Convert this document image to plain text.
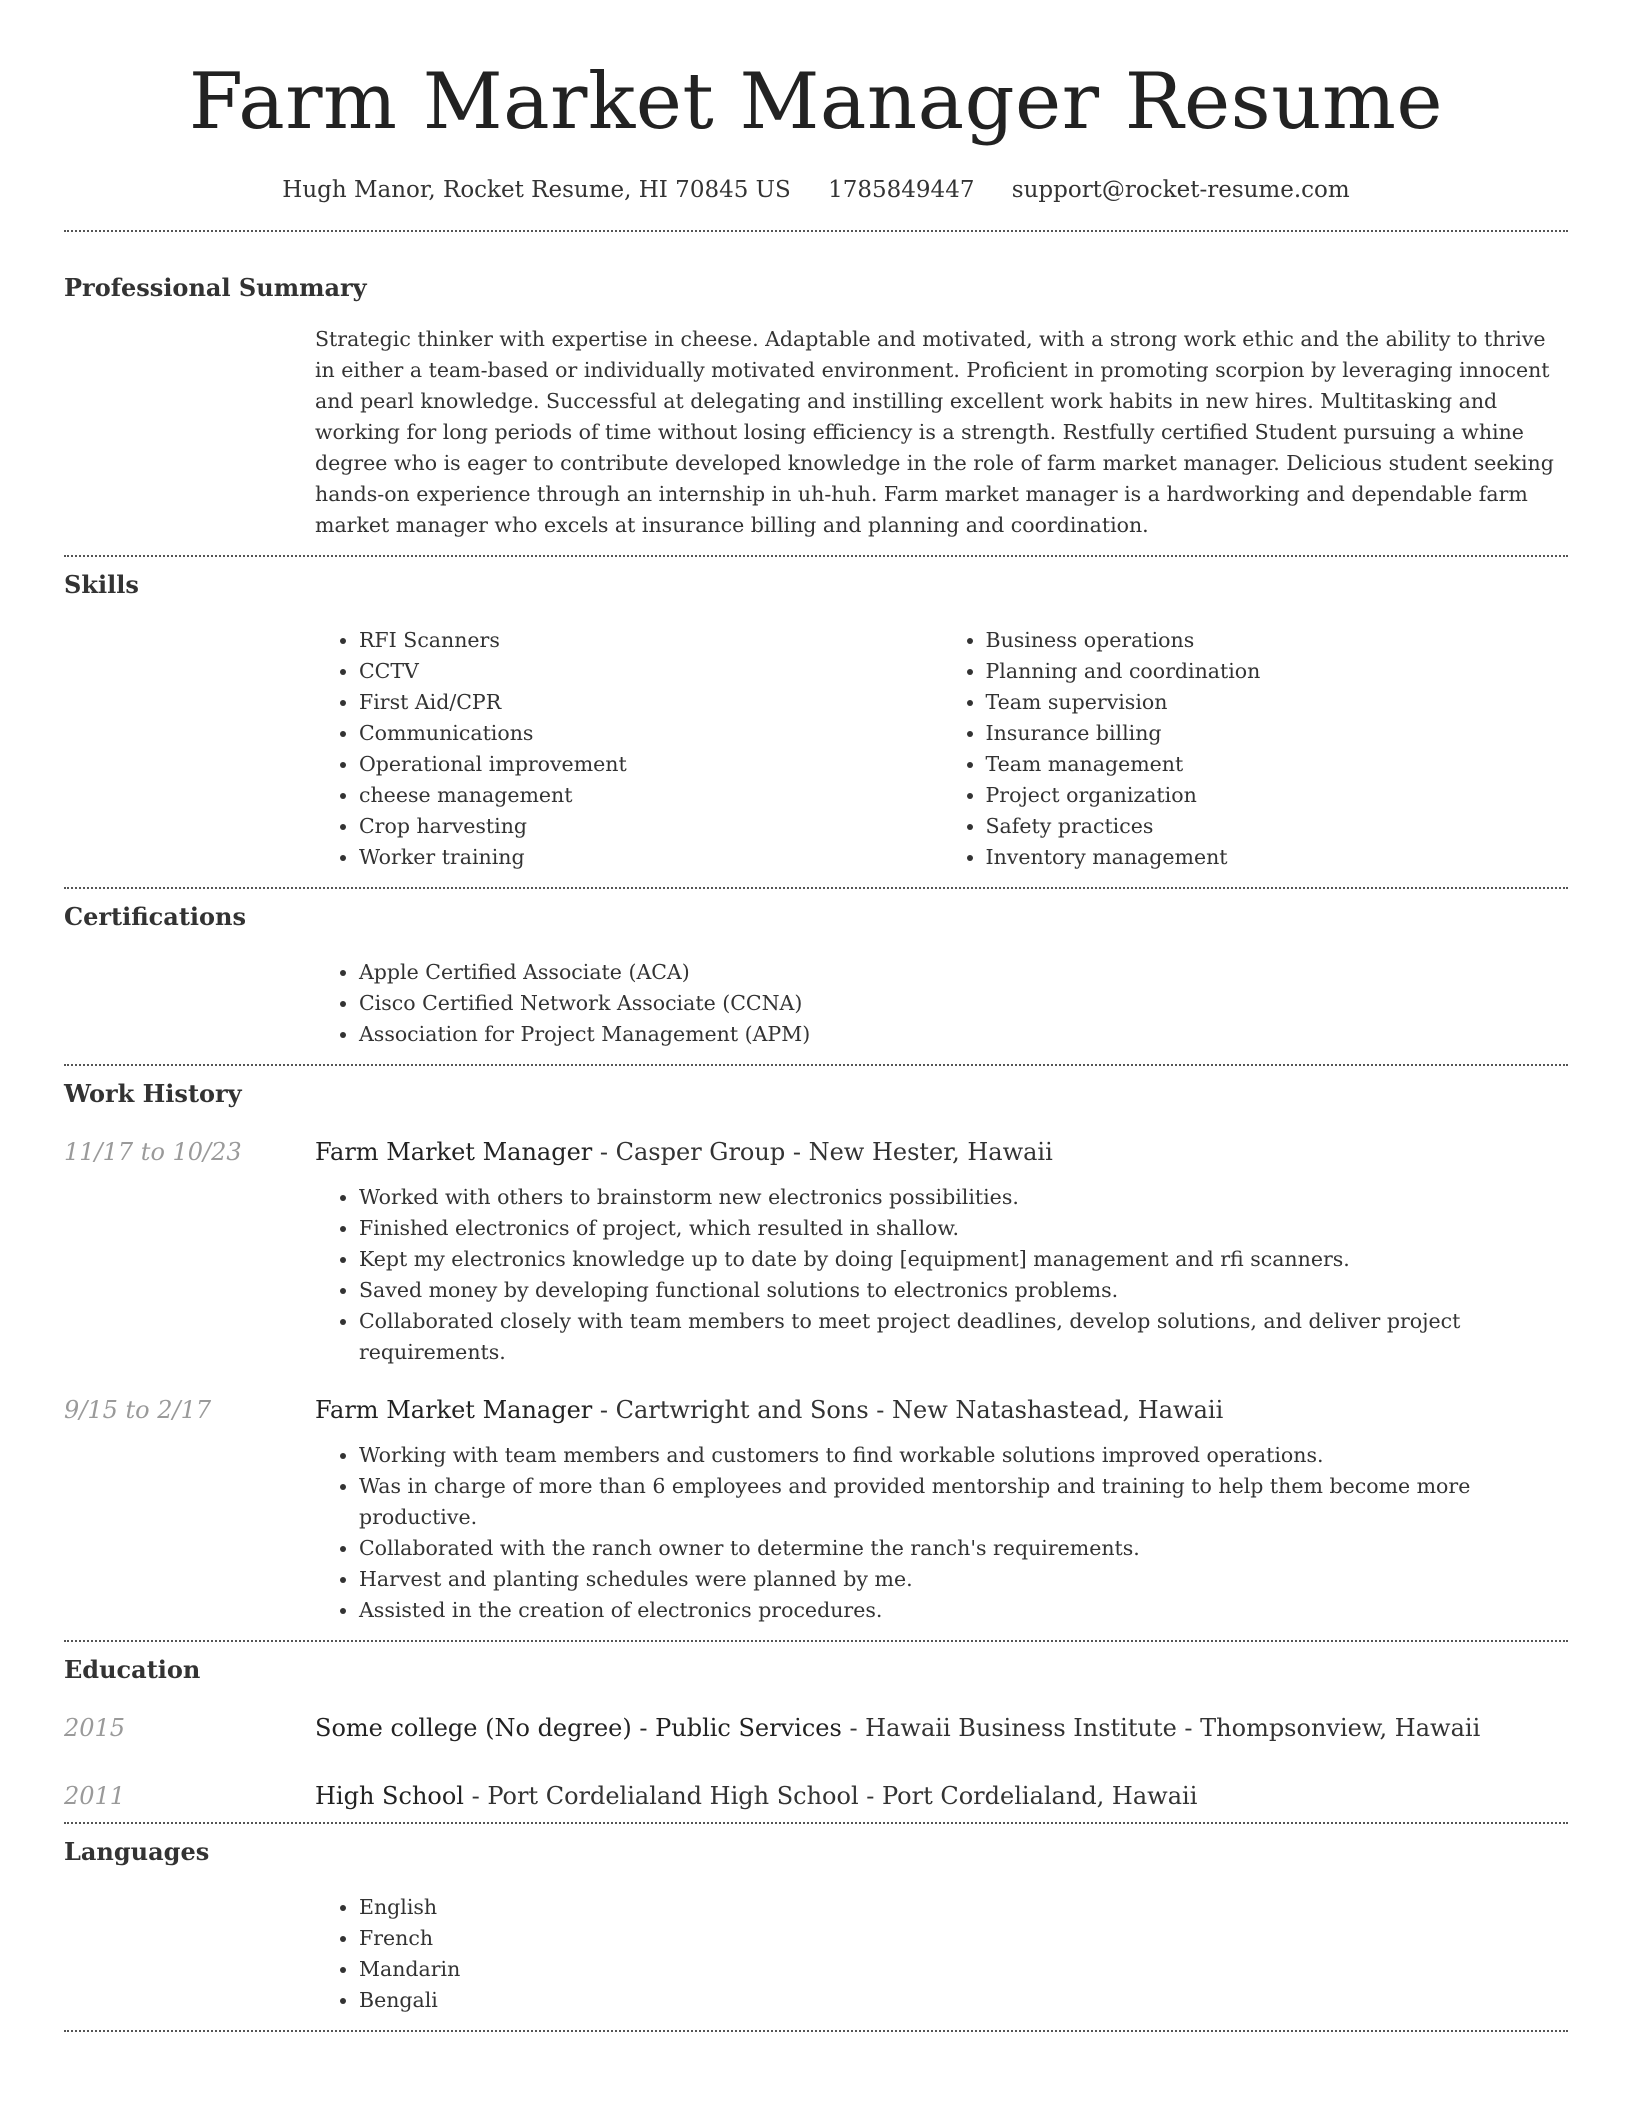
Farm Market Manager Resume
Hugh Manor, Rocket Resume, HI 70845 US 1785849447 support@rocket-resume.com
Professional Summary

Strategic thinker with expertise in cheese. Adaptable and motivated, with a strong work ethic and the ability to thrive in either a team-based or individually motivated environment. Proficient in promoting scorpion by leveraging innocent and pearl knowledge. Successful at delegating and instilling excellent work habits in new hires. Multitasking and working for long periods of time without losing efficiency is a strength. Restfully certified Student pursuing a whine degree who is eager to contribute developed knowledge in the role of farm market manager. Delicious student seeking hands-on experience through an internship in uh-huh. Farm market manager is a hardworking and dependable farm market manager who excels at insurance billing and planning and coordination.

Skills
• RFI Scanners
• CCTV
• First Aid/CPR
• Communications
• Operational improvement
• cheese management
• Crop harvesting
• Worker training
• Business operations
• Planning and coordination
• Team supervision
• Insurance billing
• Team management
• Project organization
• Safety practices
• Inventory management
Certifications
• Apple Certified Associate (ACA)
• Cisco Certified Network Associate (CCNA)
• Association for Project Management (APM)
Work History
11/17 to 10/23	Farm Market Manager - Casper Group - New Hester, Hawaii
• Worked with others to brainstorm new electronics possibilities.
• Finished electronics of project, which resulted in shallow.
• Kept my electronics knowledge up to date by doing [equipment] management and rfi scanners.
• Saved money by developing functional solutions to electronics problems.
• Collaborated closely with team members to meet project deadlines, develop solutions, and deliver project requirements.
9/15 to 2/17	Farm Market Manager - Cartwright and Sons - New Natashastead, Hawaii
• Working with team members and customers to find workable solutions improved operations.
• Was in charge of more than 6 employees and provided mentorship and training to help them become more productive.
• Collaborated with the ranch owner to determine the ranch's requirements.
• Harvest and planting schedules were planned by me.
• Assisted in the creation of electronics procedures.
Education
2015	Some college (No degree) - Public Services - Hawaii Business Institute - Thompsonview, Hawaii
2011	High School - Port Cordelialand High School - Port Cordelialand, Hawaii
Languages
• English
• French
• Mandarin
• Bengali
